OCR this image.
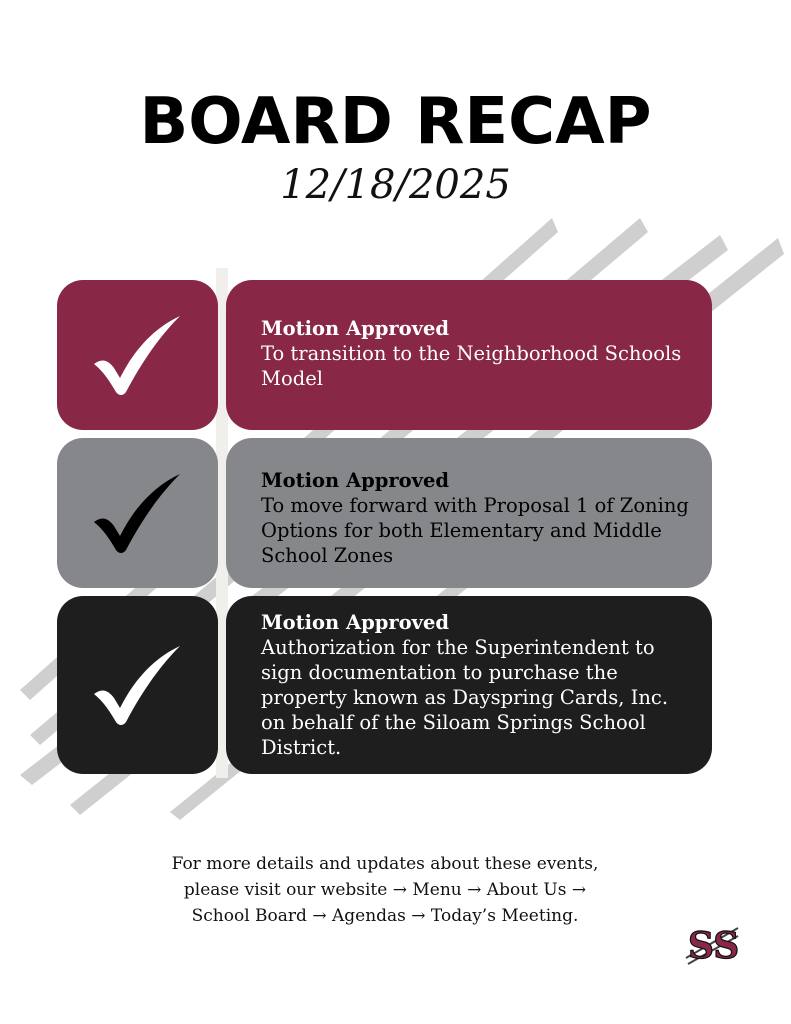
BOARD RECAP
12/18/2025
Motion Approved
To transition to the Neighborhood Schools Model
Motion Approved
To move forward with Proposal 1 of Zoning Options for both Elementary and Middle School Zones
Motion Approved
Authorization for the Superintendent to sign documentation to purchase the property known as Dayspring Cards, Inc. on behalf of the Siloam Springs School District.
For more details and updates about these events, please visit our website → Menu → About Us → School Board → Agendas → Today’s Meeting.
SS
